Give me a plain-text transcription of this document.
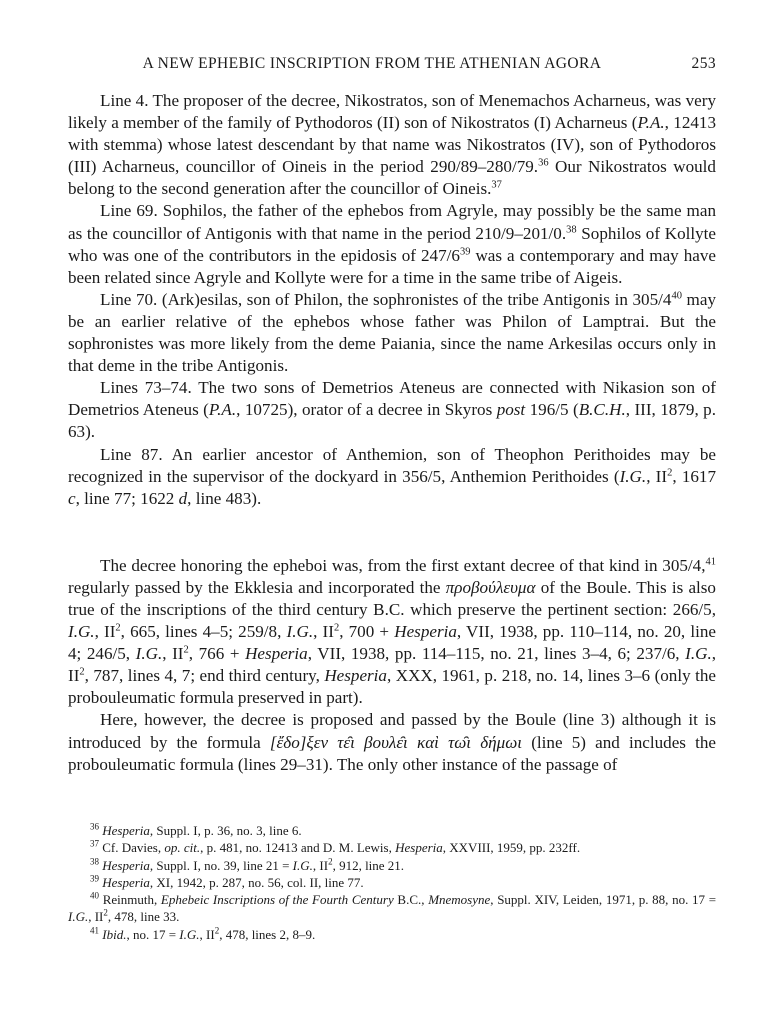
A NEW EPHEBIC INSCRIPTION FROM THE ATHENIAN AGORA	253

Line 4. The proposer of the decree, Nikostratos, son of Menemachos Acharneus, was very likely a member of the family of Pythodoros (II) son of Nikostratos (I) Acharneus (P.A., 12413 with stemma) whose latest descendant by that name was Nikostratos (IV), son of Pythodoros (III) Acharneus, councillor of Oineis in the period 290/89–280/79.36 Our Nikostratos would belong to the second generation after the councillor of Oineis.$^{37}$

Line 69. Sophilos, the father of the ephebos from Agryle, may possibly be the same man as the councillor of Antigonis with that name in the period 210/9–201/0.38 Sophilos of Kollyte who was one of the contributors in the epidosis of $247/6^{39}$ was a contemporary and may have been related since Agryle and Kollyte were for a time in the same tribe of Aigeis.

Line 70. (Ark)esilas, son of Philon, the sophronistes of the tribe Antigonis in $305/4^{40}$ may be an earlier relative of the ephebos whose father was Philon of Lamptrai. But the sophronistes was more likely from the deme Paiania, since the name Arkesilas occurs only in that deme in the tribe Antigonis.

Lines 73–74. The two sons of Demetrios Ateneus are connected with Nikasion son of Demetrios Ateneus (P.A., 10725), orator of a decree in Skyros post 196/5 (B.C.H., III, 1879, p. 63).

Line 87. An earlier ancestor of Anthemion, son of Theophon Perithoides may be recognized in the supervisor of the dockyard in 356/5, Anthemion Perithoides (I.G., $II^2$, 1617 c, line 77; 1622 d, line 483).

The decree honoring the epheboi was, from the first extant decree of that kind in 305/4,41 regularly passed by the Ekklesia and incorporated the προβούλευμα of the Boule. This is also true of the inscriptions of the third century B.C. which preserve the pertinent section: 266/5, I.G., $II^2$, 665, lines 4–5; 259/8, I.G., $II^2$, 700 + Hesperia, VII, 1938, pp. 110–114, no. 20, line 4; 246/5, I.G., $II^2$, 766 + Hesperia, VII, 1938, pp. 114–115, no. 21, lines 3–4, 6; 237/6, I.G., $II^2$, 787, lines 4, 7; end third century, Hesperia, XXX, 1961, p. 218, no. 14, lines 3–6 (only the probouleumatic formula preserved in part).

Here, however, the decree is proposed and passed by the Boule (line 3) although it is introduced by the formula [ἔδο]ξεν τε̑ι βουλε̑ι καὶ τω̑ι δήμωι (line 5) and includes the probouleumatic formula (lines 29–31). The only other instance of the passage of

$^{36}$ Hesperia, Suppl. I, p. 36, no. 3, line 6.

$^{37}$ Cf. Davies, op. cit., p. 481, no. 12413 and D. M. Lewis, Hesperia, XXVIII, 1959, pp. 232ff.

$^{38}$ Hesperia, Suppl. I, no. 39, line 21 = I.G., $II^2$, 912, line 21.

$^{39}$ Hesperia, XI, 1942, p. 287, no. 56, col. II, line 77.

$^{40}$ Reinmuth, Ephebeic Inscriptions of the Fourth Century B.C., Mnemosyne, Suppl. XIV, Leiden, 1971, p. 88, no. 17 = I.G., $II^2$, 478, line 33.

$^{41}$ Ibid., no. 17 = I.G., $II^2$, 478, lines 2, 8–9.
